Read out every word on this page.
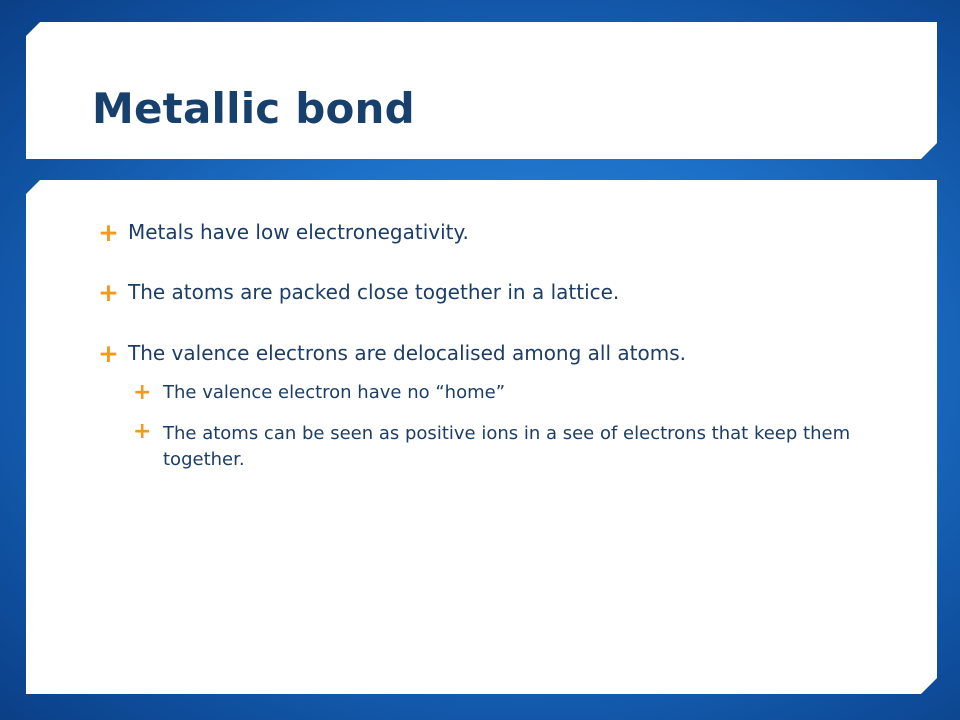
Metallic bond
+ Metals have low electronegativity.
+ The atoms are packed close together in a lattice.
+ The valence electrons are delocalised among all atoms.
+ The valence electron have no “home”
+ The atoms can be seen as positive ions in a see of electrons that keep them together.
